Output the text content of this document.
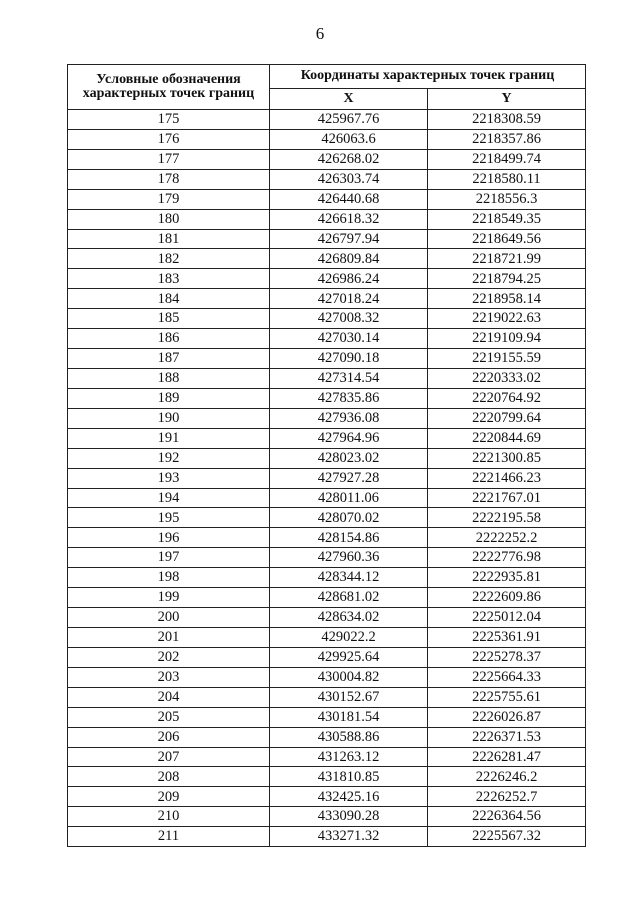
6
Условные обозначения характерных точек границ	Координаты характерных точек границ	
	X	Y
175	425967.76	2218308.59
176	426063.6	2218357.86
177	426268.02	2218499.74
178	426303.74	2218580.11
179	426440.68	2218556.3
180	426618.32	2218549.35
181	426797.94	2218649.56
182	426809.84	2218721.99
183	426986.24	2218794.25
184	427018.24	2218958.14
185	427008.32	2219022.63
186	427030.14	2219109.94
187	427090.18	2219155.59
188	427314.54	2220333.02
189	427835.86	2220764.92
190	427936.08	2220799.64
191	427964.96	2220844.69
192	428023.02	2221300.85
193	427927.28	2221466.23
194	428011.06	2221767.01
195	428070.02	2222195.58
196	428154.86	2222252.2
197	427960.36	2222776.98
198	428344.12	2222935.81
199	428681.02	2222609.86
200	428634.02	2225012.04
201	429022.2	2225361.91
202	429925.64	2225278.37
203	430004.82	2225664.33
204	430152.67	2225755.61
205	430181.54	2226026.87
206	430588.86	2226371.53
207	431263.12	2226281.47
208	431810.85	2226246.2
209	432425.16	2226252.7
210	433090.28	2226364.56
211	433271.32	2225567.32
